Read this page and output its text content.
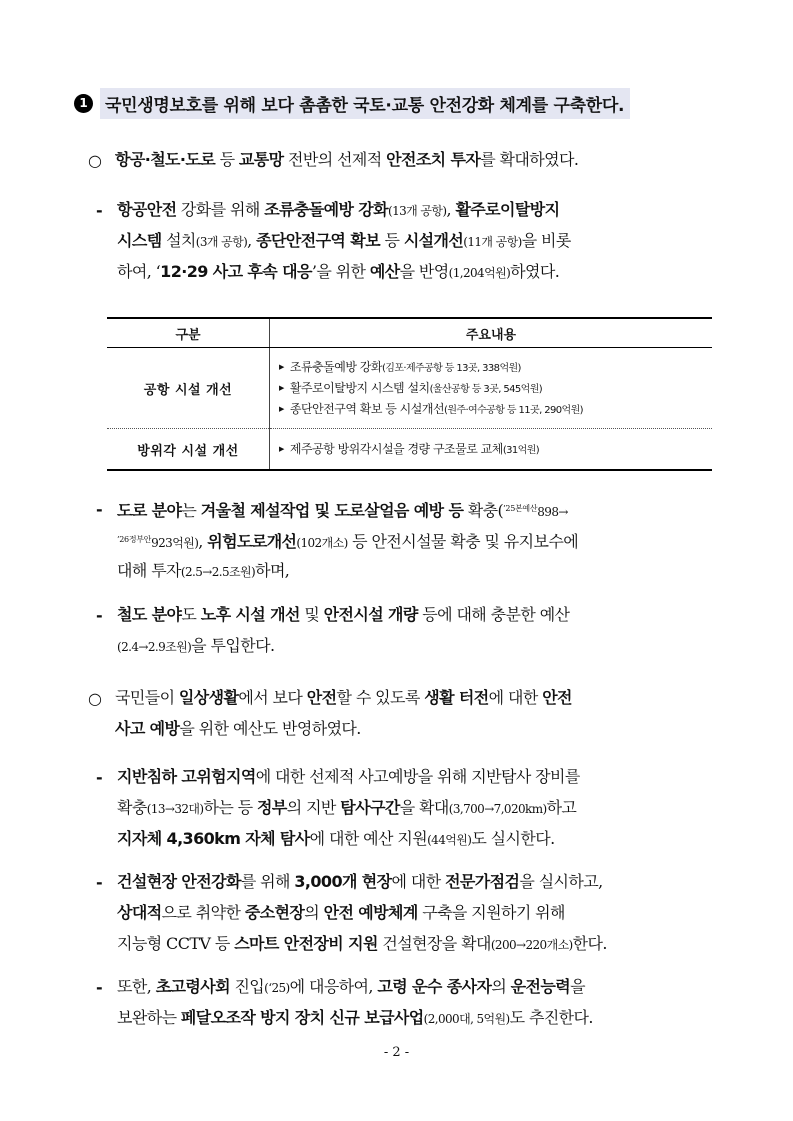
1	국민생명보호를 위해 보다 촘촘한 국토·교통 안전강화 체계를 구축한다.
○ 항공·철도·도로 등 교통망 전반의 선제적 안전조치 투자를 확대하였다.
- 항공안전 강화를 위해 조류충돌예방 강화(13개 공항), 활주로이탈방지
시스템 설치(3개 공항), 종단안전구역 확보 등 시설개선(11개 공항)을 비롯
하여, ‘12·29 사고 후속 대응’을 위한 예산을 반영(1,204억원)하였다.
구분	주요내용
공항 시설 개선	▶ 조류충돌예방 강화(김포·제주공항 등 13곳, 338억원)
▶ 활주로이탈방지 시스템 설치(울산공항 등 3곳, 545억원)
▶ 종단안전구역 확보 등 시설개선(원주·여수공항 등 11곳, 290억원)

방위각 시설 개선	▶ 제주공항 방위각시설을 경량 구조물로 교체(31억원)
- 도로 분야는 겨울철 제설작업 및 도로살얼음 예방 등 확충($^{’25본예산}$898→
$^{’26정부안}$923억원), 위험도로개선(102개소) 등 안전시설물 확충 및 유지보수에
대해 투자(2.5→2.5조원)하며,
- 철도 분야도 노후 시설 개선 및 안전시설 개량 등에 대해 충분한 예산
(2.4→2.9조원)을 투입한다.
○ 국민들이 일상생활에서 보다 안전할 수 있도록 생활 터전에 대한 안전
사고 예방을 위한 예산도 반영하였다.
- 지반침하 고위험지역에 대한 선제적 사고예방을 위해 지반탐사 장비를
확충(13→32대)하는 등 정부의 지반 탐사구간을 확대(3,700→7,020km)하고
지자체 4,360km 자체 탐사에 대한 예산 지원(44억원)도 실시한다.
- 건설현장 안전강화를 위해 3,000개 현장에 대한 전문가점검을 실시하고,
상대적으로 취약한 중소현장의 안전 예방체계 구축을 지원하기 위해
지능형 CCTV 등 스마트 안전장비 지원 건설현장을 확대(200→220개소)한다.
- 또한, 초고령사회 진입(‘25)에 대응하여, 고령 운수 종사자의 운전능력을
보완하는 페달오조작 방지 장치 신규 보급사업(2,000대, 5억원)도 추진한다.
- 2 -
